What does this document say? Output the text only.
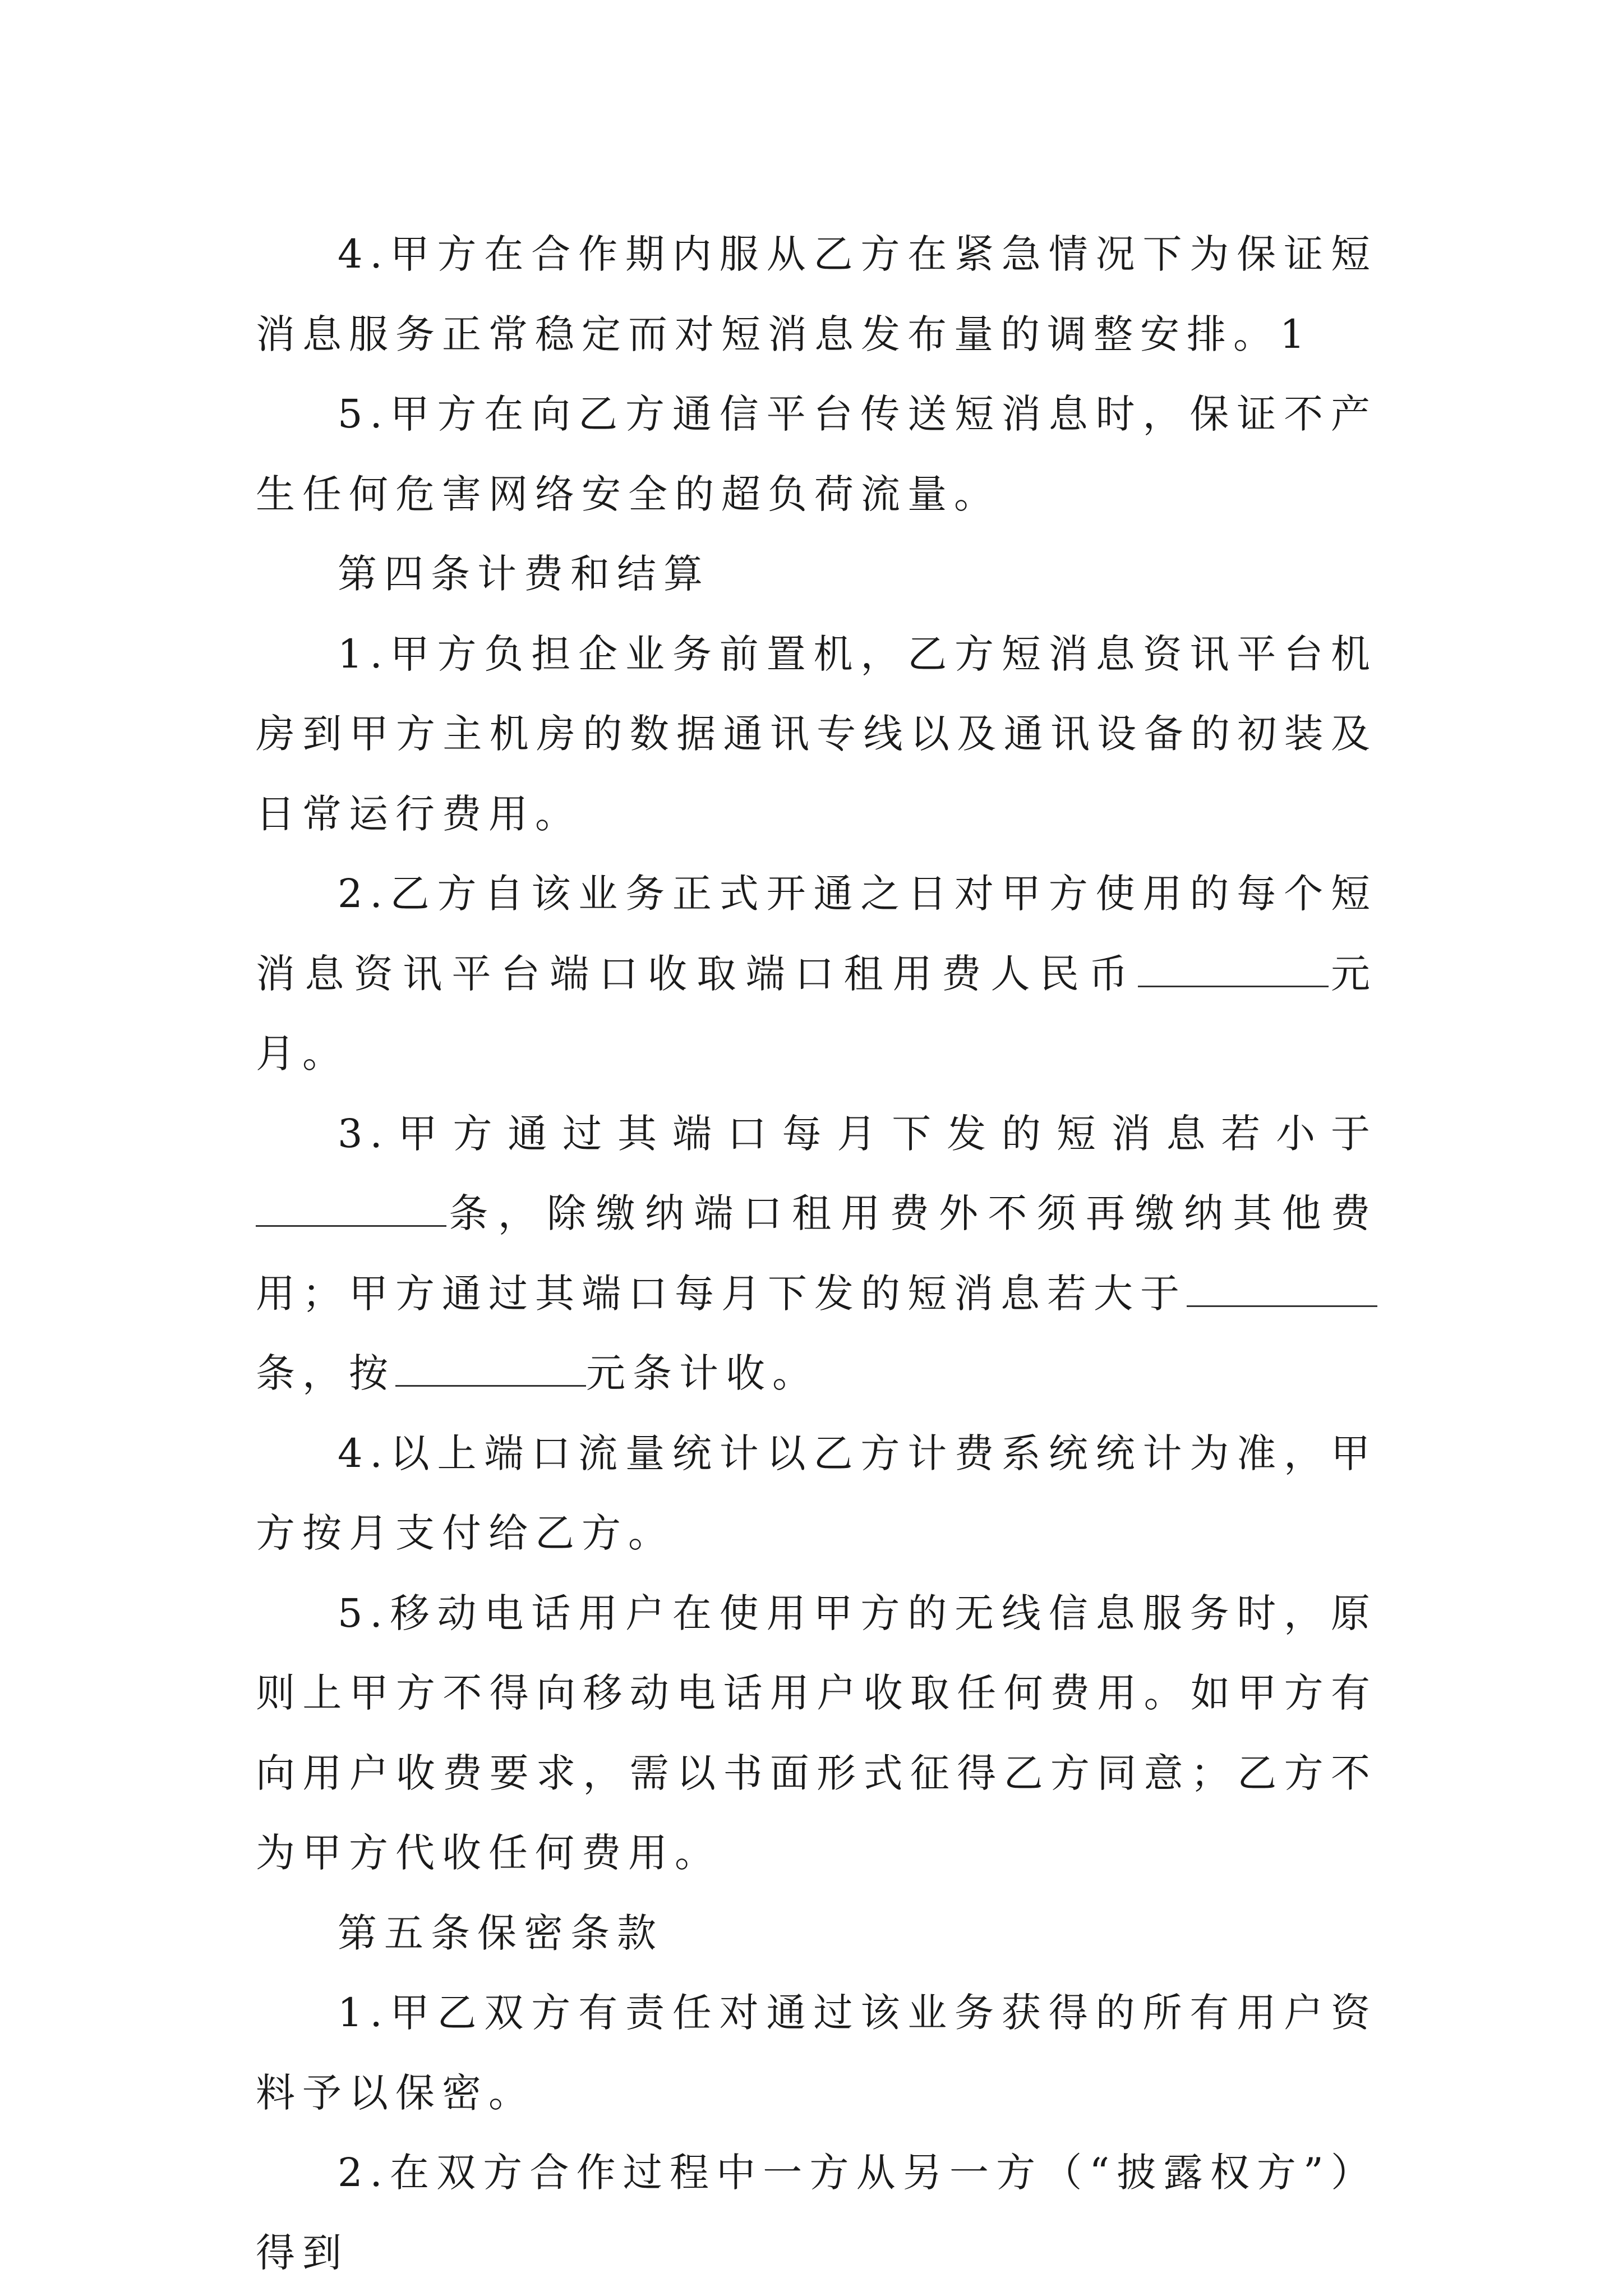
4.甲方在合作期内服从乙方在紧急情况下为保证短消息服务正常稳定而对短消息发布量的调整安排。1

5.甲方在向乙方通信平台传送短消息时，保证不产生任何危害网络安全的超负荷流量。

第四条计费和结算

1.甲方负担企业务前置机，乙方短消息资讯平台机房到甲方主机房的数据通讯专线以及通讯设备的初装及日常运行费用。

2.乙方自该业务正式开通之日对甲方使用的每个短消息资讯平台端口收取端口租用费人民币	元月。

3.甲方通过其端口每月下发的短消息若小于条，除缴纳端口租用费外不须再缴纳其他费用；甲方通过其端口每月下发的短消息若大于条，按	元条计收。

4.以上端口流量统计以乙方计费系统统计为准，甲方按月支付给乙方。

5.移动电话用户在使用甲方的无线信息服务时，原则上甲方不得向移动电话用户收取任何费用。如甲方有向用户收费要求，需以书面形式征得乙方同意；乙方不为甲方代收任何费用。

第五条保密条款

1.甲乙双方有责任对通过该业务获得的所有用户资料予以保密。

2.在双方合作过程中一方从另一方（“披露权方”）得到
